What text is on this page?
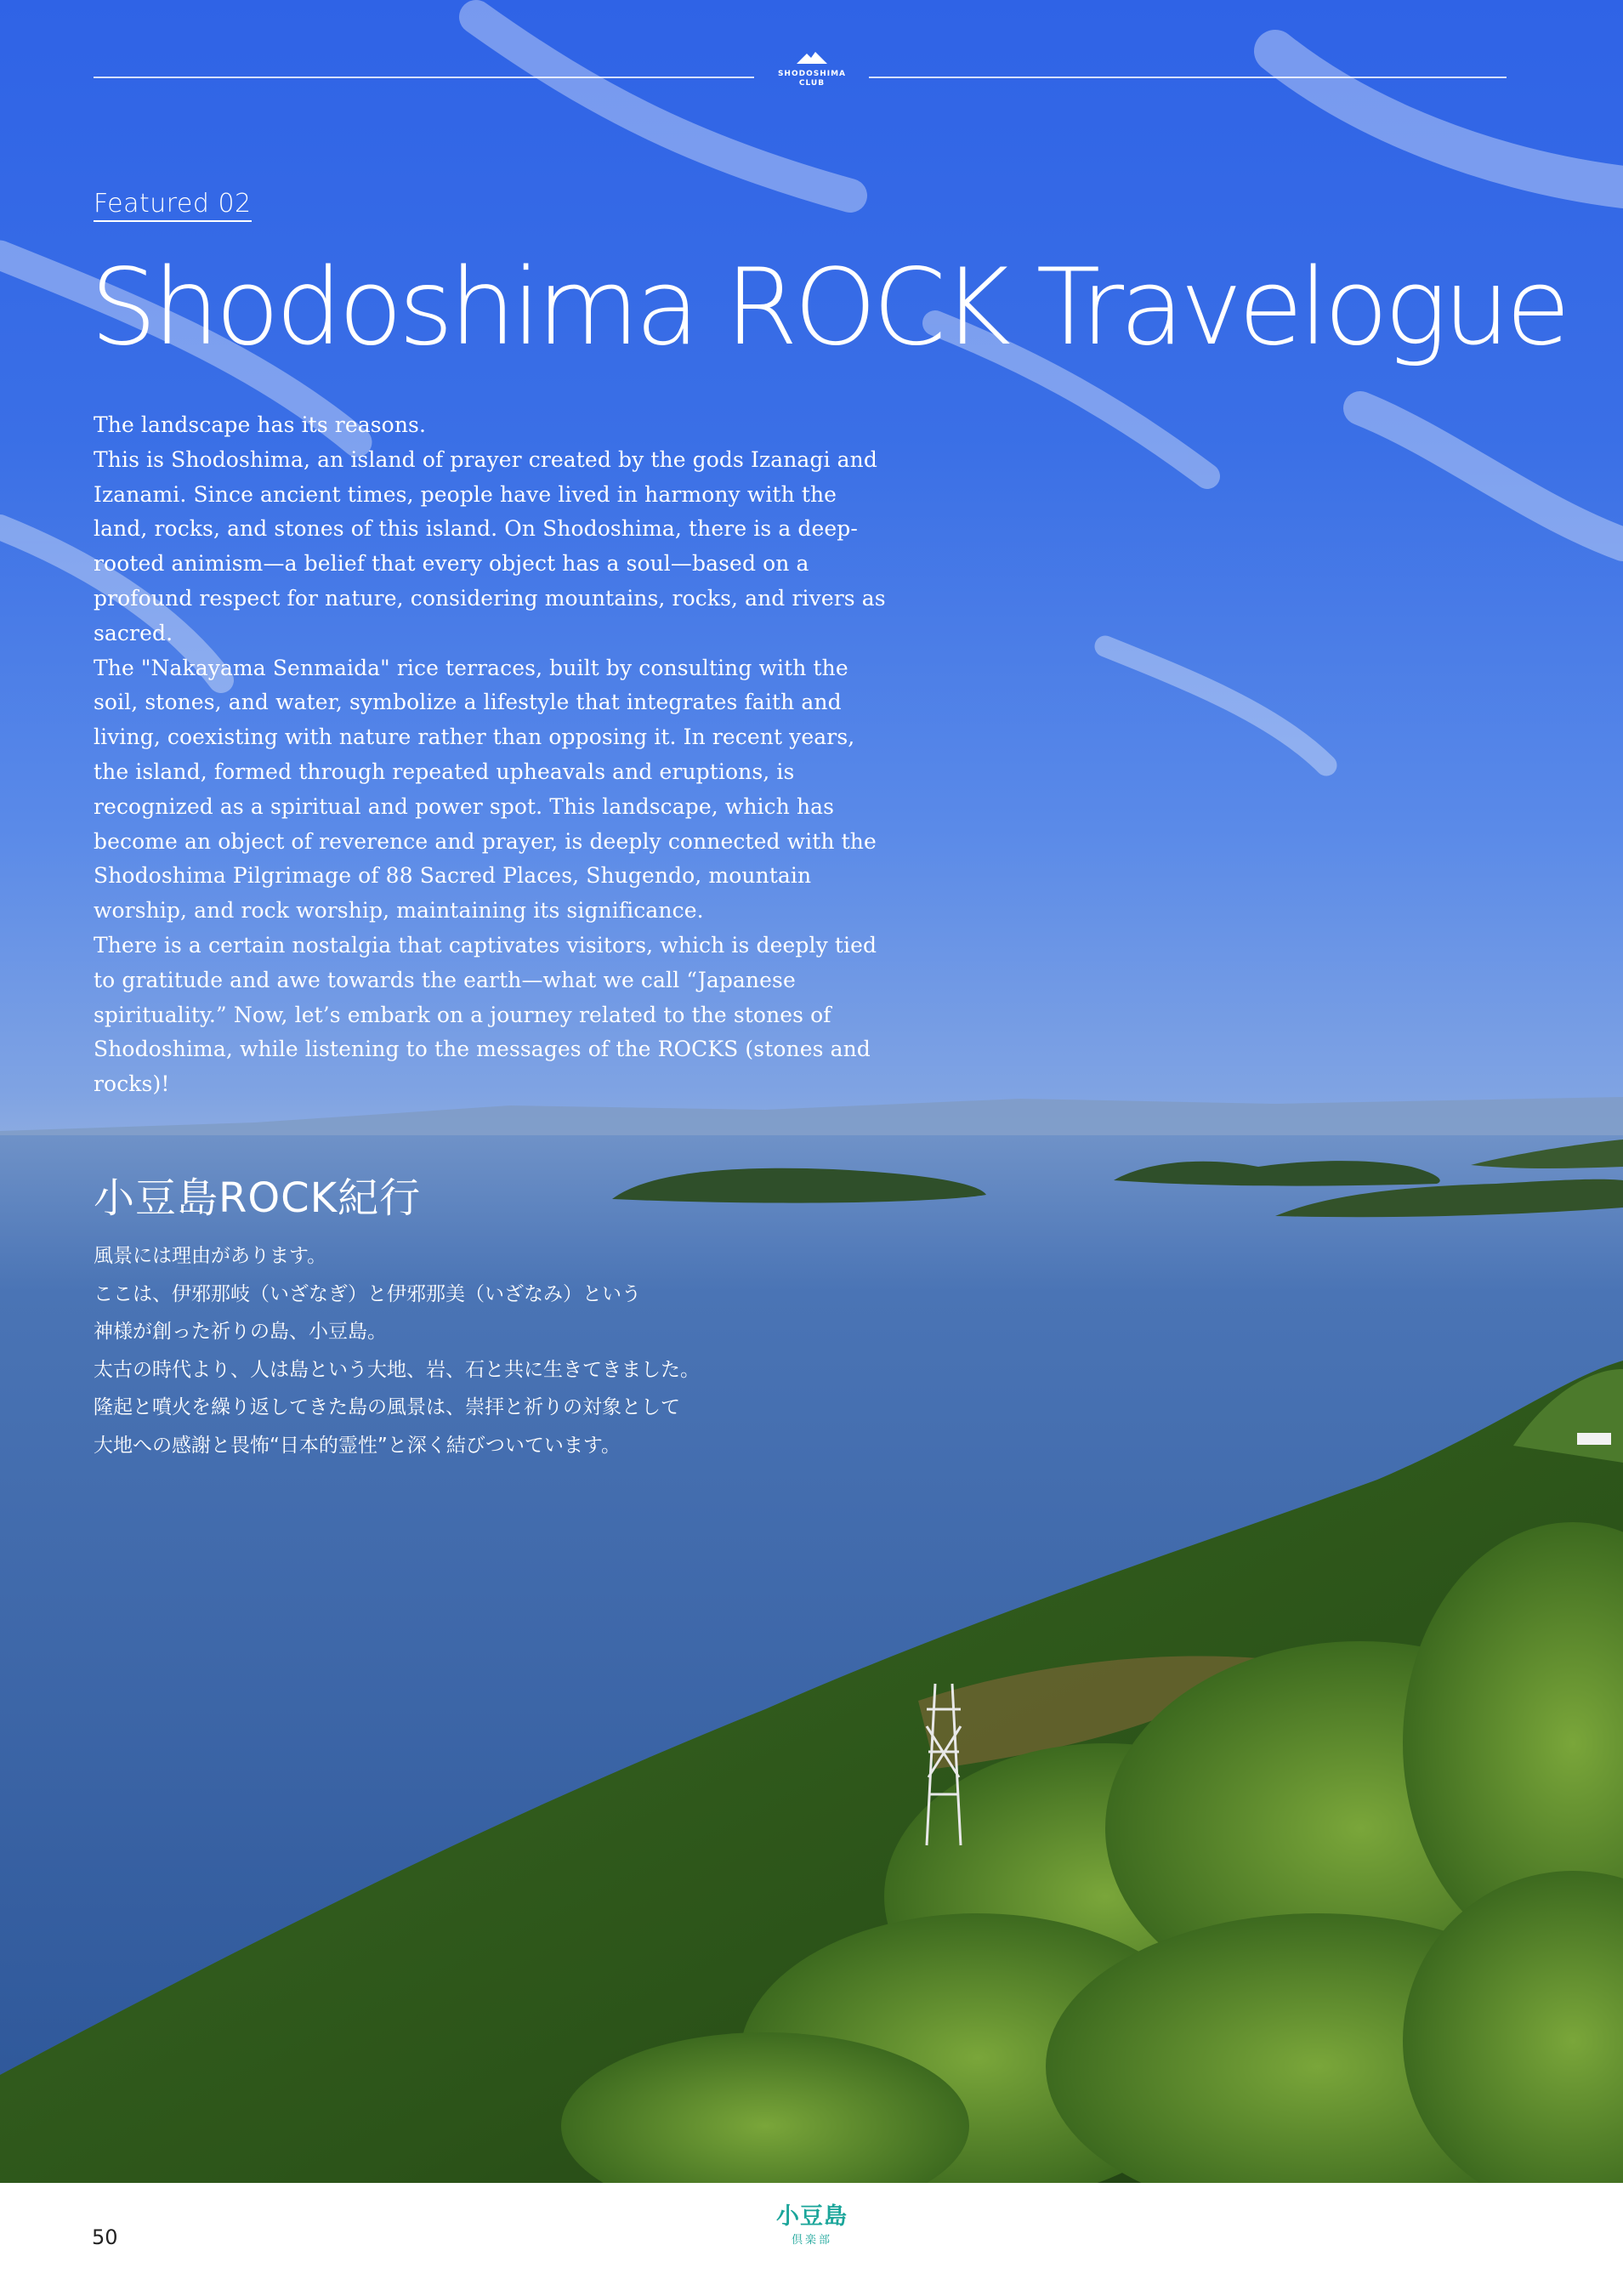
SHODOSHIMA
CLUB
Featured 02
Shodoshima ROCK Travelogue

The landscape has its reasons.

This is Shodoshima, an island of prayer created by the gods Izanagi and Izanami. Since ancient times, people have lived in harmony with the land, rocks, and stones of this island. On Shodoshima, there is a deep-rooted animism—a belief that every object has a soul—based on a profound respect for nature, considering mountains, rocks, and rivers as sacred.

The "Nakayama Senmaida" rice terraces, built by consulting with the soil, stones, and water, symbolize a lifestyle that integrates faith and living, coexisting with nature rather than opposing it. In recent years, the island, formed through repeated upheavals and eruptions, is recognized as a spiritual and power spot. This landscape, which has become an object of reverence and prayer, is deeply connected with the Shodoshima Pilgrimage of 88 Sacred Places, Shugendo, mountain worship, and rock worship, maintaining its significance.

There is a certain nostalgia that captivates visitors, which is deeply tied to gratitude and awe towards the earth—what we call “Japanese spirituality.” Now, let’s embark on a journey related to the stones of Shodoshima, while listening to the messages of the ROCKS (stones and rocks)!

小豆島ROCK紀行

風景には理由があります。

ここは、伊邪那岐（いざなぎ）と伊邪那美（いざなみ）という

神様が創った祈りの島、小豆島。

太古の時代より、人は島という大地、岩、石と共に生きてきました。

隆起と噴火を繰り返してきた島の風景は、崇拝と祈りの対象として

大地への感謝と畏怖“日本的霊性”と深く結びついています。

50
小豆島
倶楽部
